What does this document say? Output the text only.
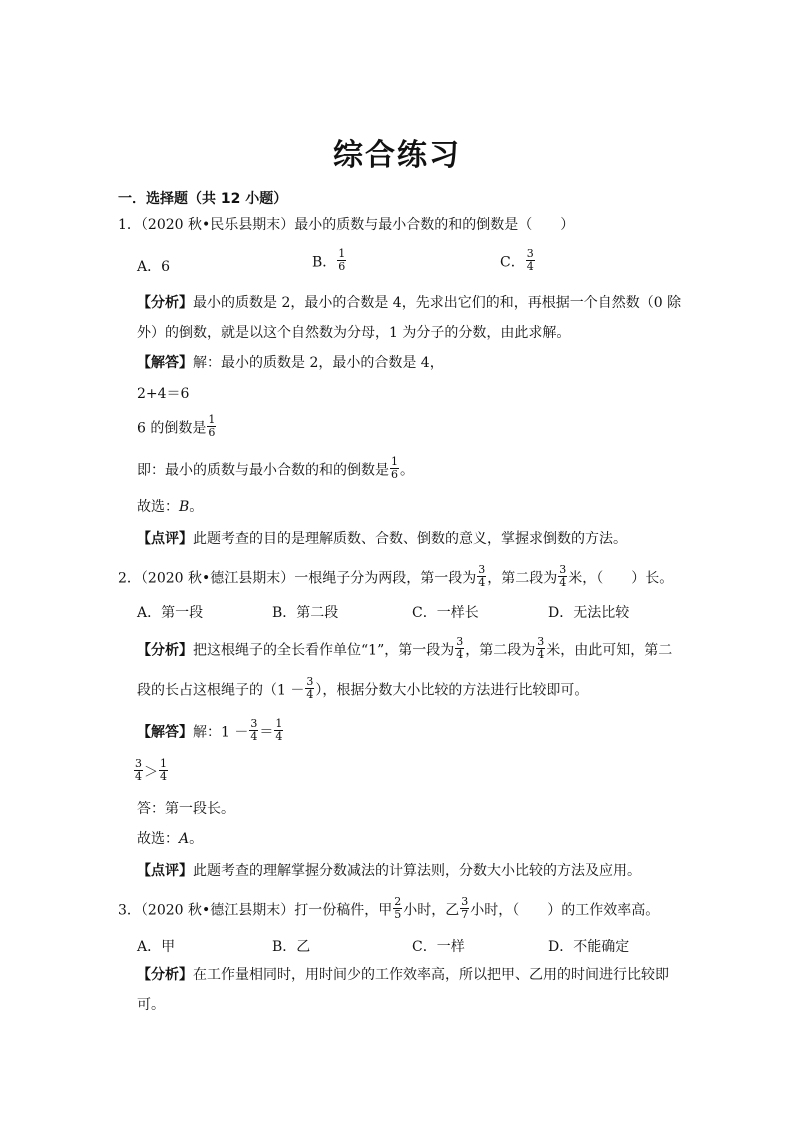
综合练习
一．选择题（共 12 小题）
1．（2020 秋•民乐县期末）最小的质数与最小合数的和的倒数是（　　）
A．6	B． $\frac{1}{6}$	C． $\frac{3}{4}$
【分析】最小的质数是 2，最小的合数是 4，先求出它们的和，再根据一个自然数（0 除
外）的倒数，就是以这个自然数为分母，1 为分子的分数，由此求解。
【解答】解：最小的质数是 2，最小的合数是 4，
2+4＝6
6 的倒数是 $\frac{1}{6}$
即：最小的质数与最小合数的和的倒数是 $\frac{1}{6}$ 。
故选：B。
【点评】此题考查的目的是理解质数、合数、倒数的意义，掌握求倒数的方法。
2．（2020 秋•德江县期末）一根绳子分为两段，第一段为 $\frac{3}{4}$ ，第二段为 $\frac{3}{4}$ 米，（　　）长。
A．第一段	B．第二段	C．一样长	D．无法比较
【分析】把这根绳子的全长看作单位“1”，第一段为 $\frac{3}{4}$ ，第二段为 $\frac{3}{4}$ 米，由此可知，第二
段的长占这根绳子的（$1 - \frac{3}{4}$ ），根据分数大小比较的方法进行比较即可。
【解答】解：$1 - \frac{3}{4} = \frac{1}{4}$
$\frac{3}{4} > \frac{1}{4}$
答：第一段长。
故选：A。
【点评】此题考查的理解掌握分数减法的计算法则，分数大小比较的方法及应用。
3．（2020 秋•德江县期末）打一份稿件，甲 $\frac{2}{5}$ 小时，乙 $\frac{3}{7}$ 小时，（　　）的工作效率高。
A．甲	B．乙	C．一样	D．不能确定
【分析】在工作量相同时，用时间少的工作效率高，所以把甲、乙用的时间进行比较即
可。
